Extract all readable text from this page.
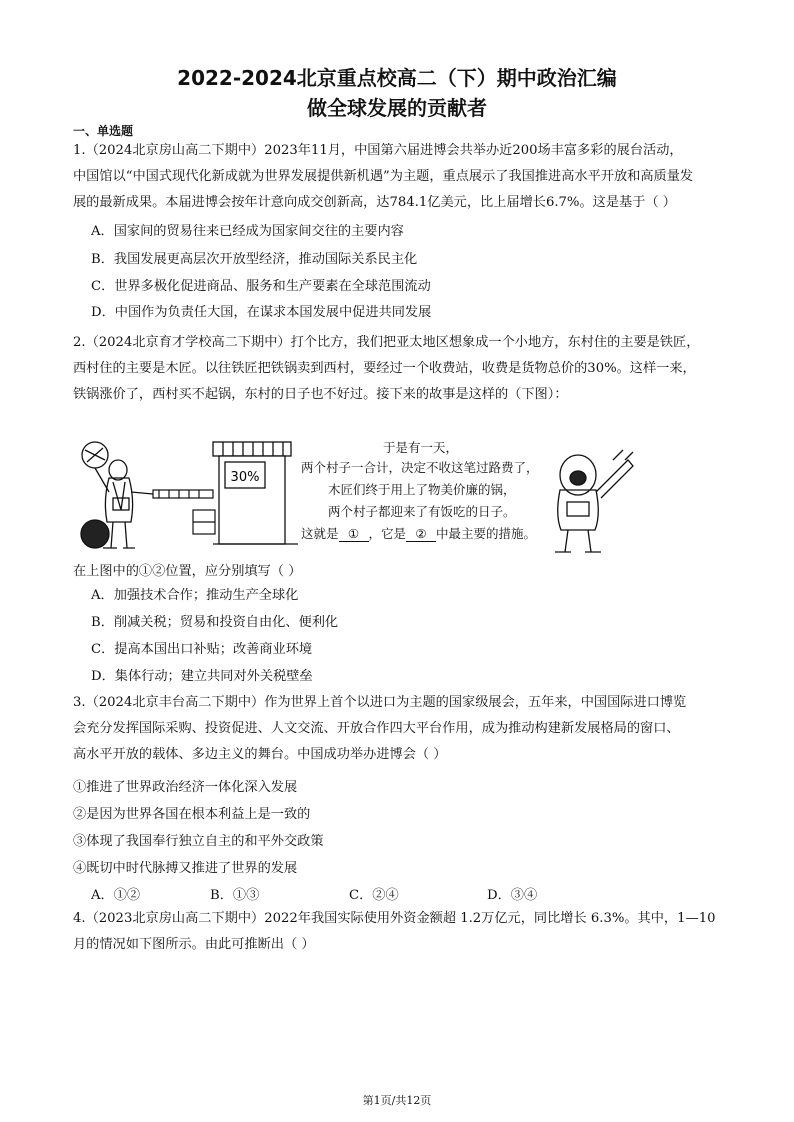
2022-2024北京重点校高二（下）期中政治汇编
做全球发展的贡献者
一、单选题
1.（2024北京房山高二下期中）2023年11月，中国第六届进博会共举办近200场丰富多彩的展台活动，
中国馆以“中国式现代化新成就为世界发展提供新机遇”为主题，重点展示了我国推进高水平开放和高质量发
展的最新成果。本届进博会按年计意向成交创新高，达784.1亿美元，比上届增长6.7%。这是基于（ ）
A．国家间的贸易往来已经成为国家间交往的主要内容
B．我国发展更高层次开放型经济，推动国际关系民主化
C．世界多极化促进商品、服务和生产要素在全球范围流动
D．中国作为负责任大国，在谋求本国发展中促进共同发展
2.（2024北京育才学校高二下期中）打个比方，我们把亚太地区想象成一个小地方，东村住的主要是铁匠，
西村住的主要是木匠。以往铁匠把铁锅卖到西村，要经过一个收费站，收费是货物总价的30%。这样一来，
铁锅涨价了，西村买不起锅，东村的日子也不好过。接下来的故事是这样的（下图）：
30%
于是有一天，
两个村子一合计，决定不收这笔过路费了，
木匠们终于用上了物美价廉的锅，
两个村子都迎来了有饭吃的日子。
这就是 ① ，它是 ② 中最主要的措施。
在上图中的①②位置，应分别填写（ ）
A．加强技术合作；推动生产全球化
B．削减关税；贸易和投资自由化、便利化
C．提高本国出口补贴；改善商业环境
D．集体行动；建立共同对外关税壁垒
3.（2024北京丰台高二下期中）作为世界上首个以进口为主题的国家级展会，五年来，中国国际进口博览
会充分发挥国际采购、投资促进、人文交流、开放合作四大平台作用，成为推动构建新发展格局的窗口、
高水平开放的载体、多边主义的舞台。中国成功举办进博会（ ）
①推进了世界政治经济一体化深入发展
②是因为世界各国在根本利益上是一致的
③体现了我国奉行独立自主的和平外交政策
④既切中时代脉搏又推进了世界的发展
A．①②	B．①③	C．②④	D．③④
4.（2023北京房山高二下期中）2022年我国实际使用外资金额超 1.2万亿元，同比增长 6.3%。其中，1—10
月的情况如下图所示。由此可推断出（ ）
第1页/共12页
